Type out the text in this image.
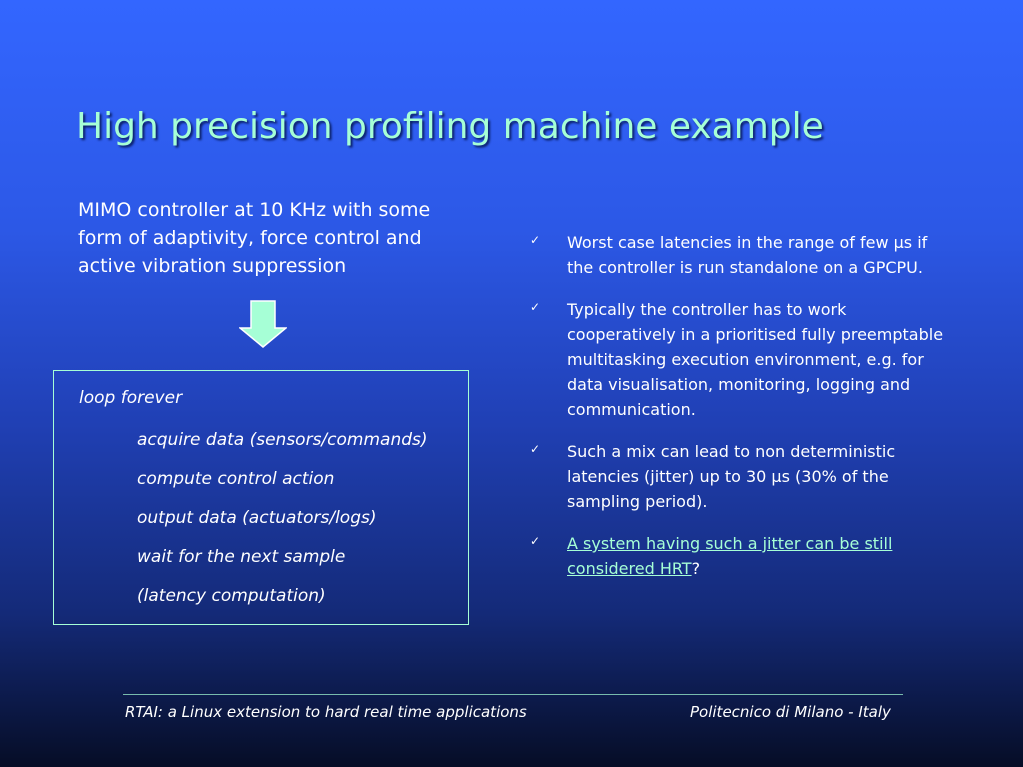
High precision profiling machine example
MIMO controller at 10 KHz with some form of adaptivity, force control and active vibration suppression
loop forever
acquire data (sensors/commands)
compute control action
output data (actuators/logs)
wait for the next sample
(latency computation)
✓ Worst case latencies in the range of few µs if the controller is run standalone on a GPCPU.
✓ Typically the controller has to work cooperatively in a prioritised fully preemptable multitasking execution environment, e.g. for data visualisation, monitoring, logging and communication.
✓ Such a mix can lead to non deterministic latencies (jitter) up to 30 µs (30% of the sampling period).
✓ A system having such a jitter can be still considered HRT?
RTAI: a Linux extension to hard real time applications	Politecnico di Milano - Italy
